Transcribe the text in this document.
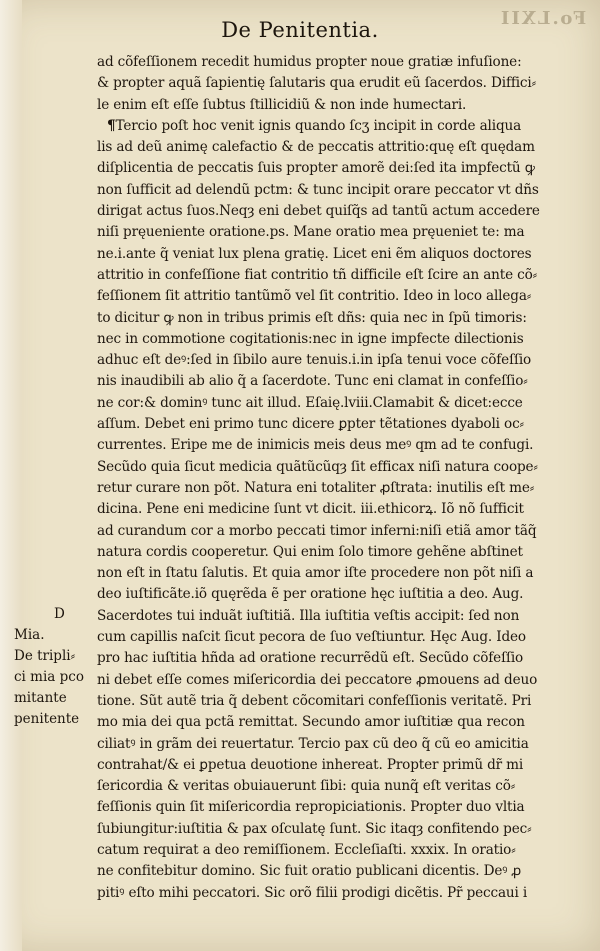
Fo.LXII
De Penitentia.
ad cõfeſſionem recedit humidus propter noue gratiæ infuſione:
& propter aquã ſapientię ſalutaris qua erudit eũ ſacerdos. Diffici⸗
le enim eſt eſſe ſubtus ſtillicidiũ & non inde humectari.
¶Tercio poſt hoc venit ignis quando ſcʒ incipit in corde aliqua
lis ad deũ animę calefactio & de peccatis attritio:quę eſt quędam
diſplicentia de peccatis ſuis propter amorẽ dei:ſed ita impfectũ ꝙ
non ſufficit ad delendũ pctm: & tunc incipit orare peccator vt dñs
dirigat actus ſuos.Neqȝ eni debet quiſq̃s ad tantũ actum accedere
niſi pręueniente oratione.ps. Mane oratio mea pręueniet te: ma
ne.i.ante q̃ veniat lux plena gratię. Licet eni ẽm aliquos doctores
attritio in confeſſione fiat contritio tñ difficile eſt ſcire an ante cõ⸗
feſſionem ſit attritio tantũmõ vel ſit contritio. Ideo in loco allega⸗
to dicitur ꝙ non in tribus primis eſt dñs: quia nec in ſpũ timoris:
nec in commotione cogitationis:nec in igne impfecte dilectionis
adhuc eſt deꝰ:ſed in ſibilo aure tenuis.i.in ipſa tenui voce cõfeſſio
nis inaudibili ab alio q̃ a ſacerdote. Tunc eni clamat in confeſſio⸗
ne cor:& dominꝰ tunc ait illud. Eſaię.lviii.Clamabit & dicet:ecce
aſſum. Debet eni primo tunc dicere ꝑpter tẽtationes dyaboli oc⸗
currentes. Eripe me de inimicis meis deus meꝰ qm ad te confugi.
Secũdo quia ſicut medicia quãtũcũqȝ ſit efficax niſi natura coope⸗
retur curare non põt. Natura eni totaliter ꝓſtrata: inutilis eſt me⸗
dicina. Pene eni medicine ſunt vt dicit. iii.ethicorꝝ. Iõ nõ ſufficit
ad curandum cor a morbo peccati timor inferni:niſi etiã amor tãq̃
natura cordis cooperetur. Qui enim ſolo timore gehẽne abſtinet
non eſt in ſtatu ſalutis. Et quia amor iſte procedere non põt niſi a
deo iuſtificãte.iõ quęrẽda ẽ per oratione hęc iuſtitia a deo. Aug.
Sacerdotes tui induãt iuſtitiã. Illa iuſtitia veſtis accipit: ſed non
cum capillis naſcit ſicut pecora de ſuo veſtiuntur. Hęc Aug. Ideo
pro hac iuſtitia hñda ad oratione recurrẽdũ eſt. Secũdo cõfeſſio
ni debet eſſe comes miſericordia dei peccatore ꝓmouens ad deuo
tione. Sũt autẽ tria q̃ debent cõcomitari confeſſionis veritatẽ. Pri
mo mia dei qua pctã remittat. Secundo amor iuſtitiæ qua recon
ciliatꝰ in grãm dei reuertatur. Tercio pax cũ deo q̃ cũ eo amicitia
contrahat/& ei ꝑpetua deuotione inhereat. Propter primũ dr̃ mi
ſericordia & veritas obuiauerunt ſibi: quia nunq̃ eſt veritas cõ⸗
feſſionis quin ſit miſericordia repropiciationis. Propter duo vltia
ſubiungitur:iuſtitia & pax oſculatę ſunt. Sic itaqȝ confitendo pec⸗
catum requirat a deo remiſſionem. Eccleſiaſti. xxxix. In oratio⸗
ne confitebitur domino. Sic fuit oratio publicani dicentis. Deꝰ ꝓ
pitiꝰ eſto mihi peccatori. Sic orõ filii prodigi dicẽtis. Pr̃ peccaui i
D
Mia.
De tripli⸗
ci mia pco
mitante
penitente
